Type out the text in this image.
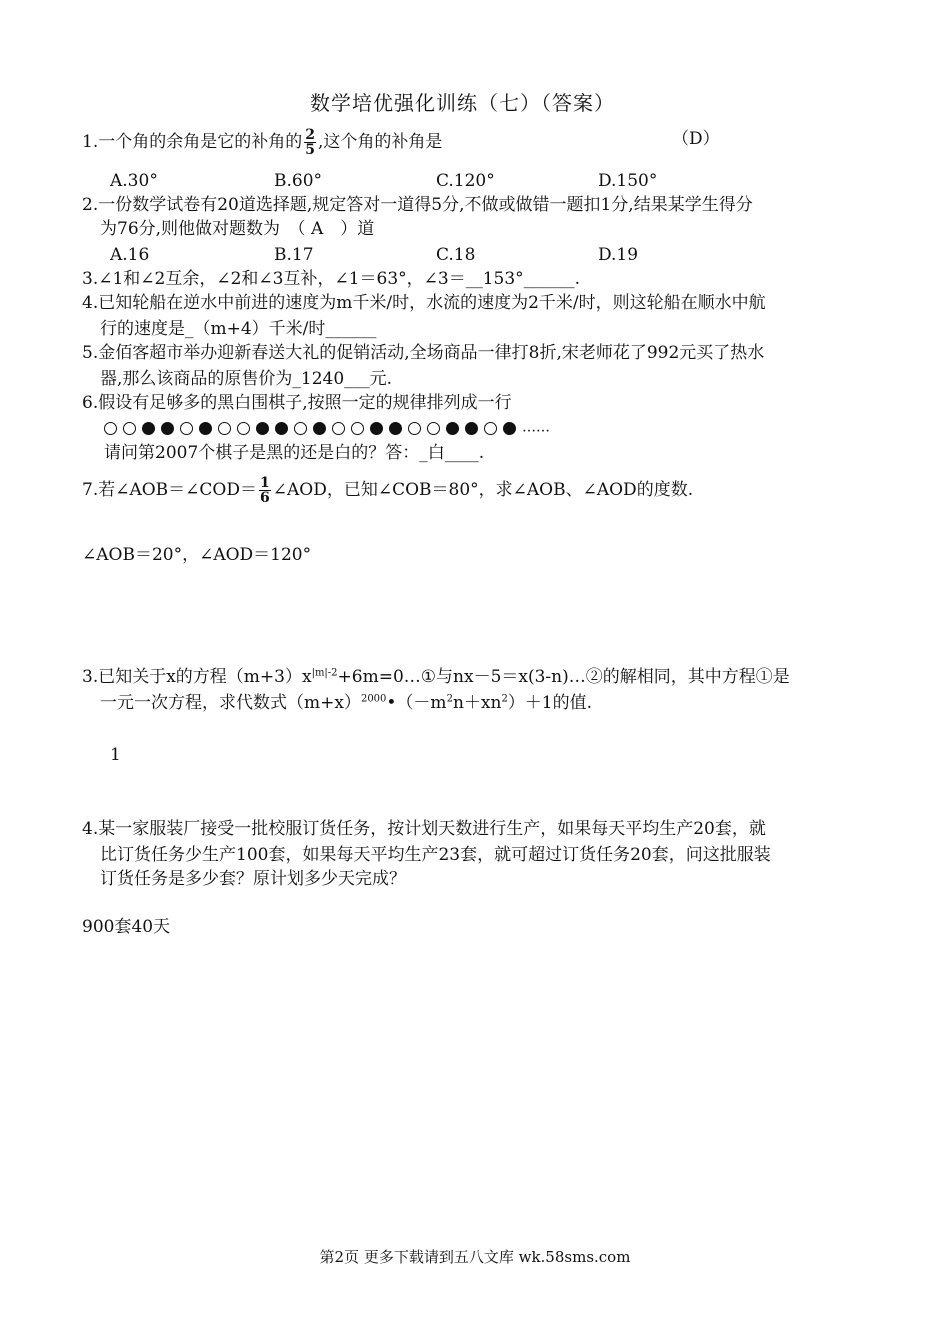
数学培优强化训练（七）（答案）
1.一个角的余角是它的补角的 $\frac{2}{5}$ ,这个角的补角是	（D）
A.30°	B.60°	C.120°	D.150°
2.一份数学试卷有20道选择题,规定答对一道得5分,不做或做错一题扣1分,结果某学生得分
为76分,则他做对题数为　（ A　）道
A.16	B.17	C.18	D.19
3.∠1和∠2互余，∠2和∠3互补，∠1＝63°，∠3＝__153°______.
4.已知轮船在逆水中前进的速度为m千米/时，水流的速度为2千米/时，则这轮船在顺水中航
行的速度是_（m+4）千米/时______
5.金佰客超市举办迎新春送大礼的促销活动,全场商品一律打8折,宋老师花了992元买了热水
器,那么该商品的原售价为_1240___元.
6.假设有足够多的黑白围棋子,按照一定的规律排列成一行
……
请问第2007个棋子是黑的还是白的？答：_白____.
7.若∠AOB＝∠COD＝ $\frac{1}{6}$ ∠AOD，已知∠COB＝80°，求∠AOB、∠AOD的度数.
∠AOB＝20°，∠AOD＝120°
3.已知关于x的方程$(m+3)x^{|m|-2}+6m=0\dots ①$与nx－5＝x(3-n)…②的解相同，其中方程①是
一元一次方程，求代数式$(m+x)^{2000}•(-m^2n+xn^2)+1$的值.
1
4.某一家服装厂接受一批校服订货任务，按计划天数进行生产，如果每天平均生产20套，就
比订货任务少生产100套，如果每天平均生产23套，就可超过订货任务20套，问这批服装
订货任务是多少套？原计划多少天完成？
900套40天
第2页 更多下载请到五八文库 wk.58sms.com
